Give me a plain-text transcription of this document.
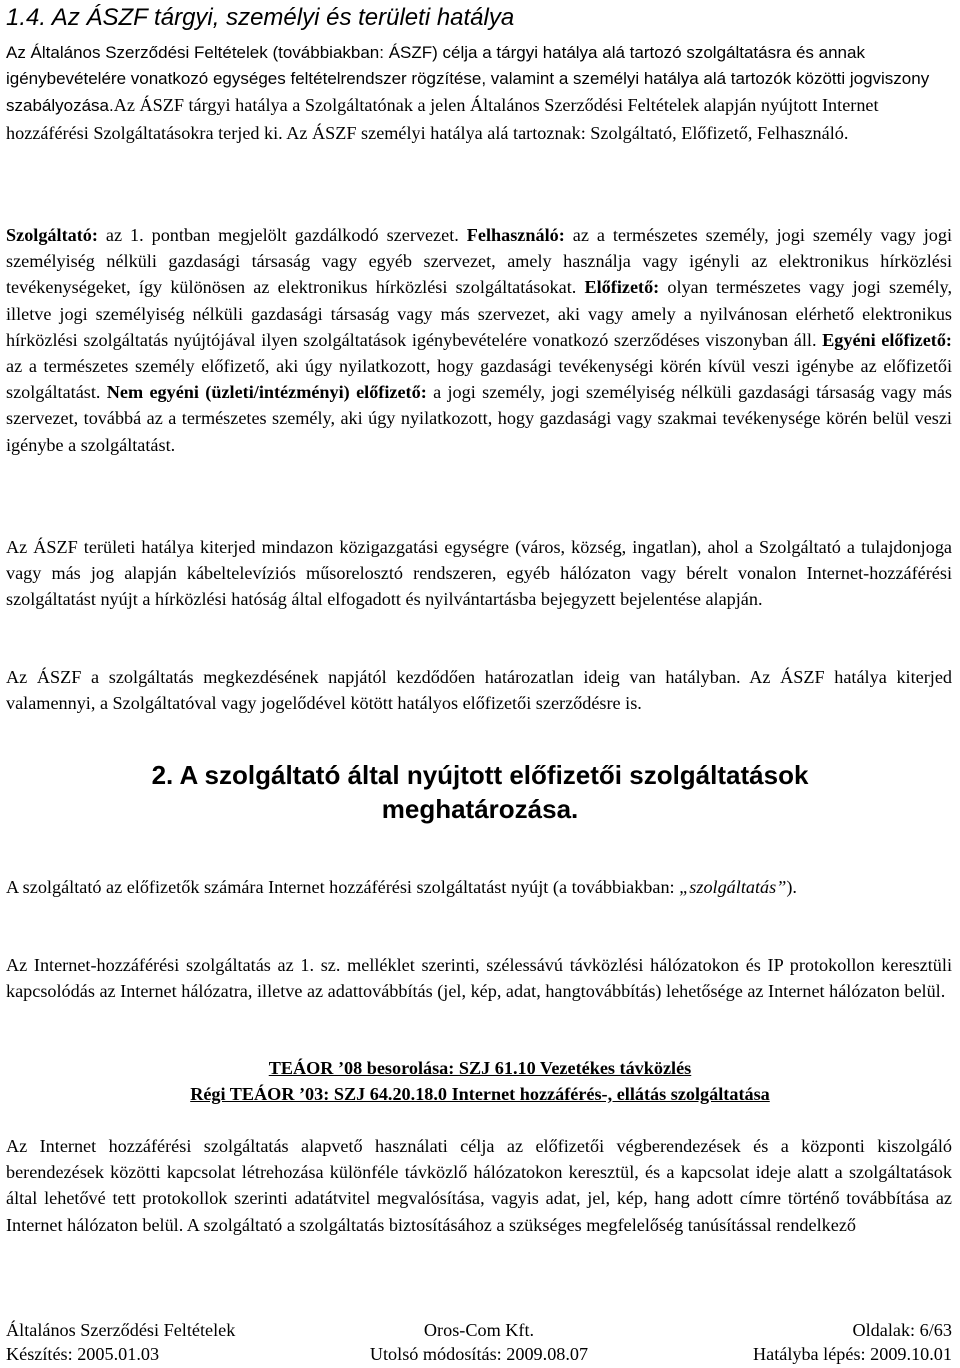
1.4. Az ÁSZF tárgyi, személyi és területi hatálya

Az Általános Szerződési Feltételek (továbbiakban: ÁSZF) célja a tárgyi hatálya alá tartozó szolgáltatásra és annak igénybevételére vonatkozó egységes feltételrendszer rögzítése, valamint a személyi hatálya alá tartozók közötti jogviszony szabályozása.Az ÁSZF tárgyi hatálya a Szolgáltatónak a jelen Általános Szerződési Feltételek alapján nyújtott Internet hozzáférési Szolgáltatásokra terjed ki. Az ÁSZF személyi hatálya alá tartoznak: Szolgáltató, Előfizető, Felhasználó.

Szolgáltató: az 1. pontban megjelölt gazdálkodó szervezet. Felhasználó: az a természetes személy, jogi személy vagy jogi személyiség nélküli gazdasági társaság vagy egyéb szervezet, amely használja vagy igényli az elektronikus hírközlési tevékenységeket, így különösen az elektronikus hírközlési szolgáltatásokat. Előfizető: olyan természetes vagy jogi személy, illetve jogi személyiség nélküli gazdasági társaság vagy más szervezet, aki vagy amely a nyilvánosan elérhető elektronikus hírközlési szolgáltatás nyújtójával ilyen szolgáltatások igénybevételére vonatkozó szerződéses viszonyban áll. Egyéni előfizető: az a természetes személy előfizető, aki úgy nyilatkozott, hogy gazdasági tevékenységi körén kívül veszi igénybe az előfizetői szolgáltatást. Nem egyéni (üzleti/intézményi) előfizető: a jogi személy, jogi személyiség nélküli gazdasági társaság vagy más szervezet, továbbá az a természetes személy, aki úgy nyilatkozott, hogy gazdasági vagy szakmai tevékenysége körén belül veszi igénybe a szolgáltatást.

Az ÁSZF területi hatálya kiterjed mindazon közigazgatási egységre (város, község, ingatlan), ahol a Szolgáltató a tulajdonjoga vagy más jog alapján kábeltelevíziós műsorelosztó rendszeren, egyéb hálózaton vagy bérelt vonalon Internet-hozzáférési szolgáltatást nyújt a hírközlési hatóság által elfogadott és nyilvántartásba bejegyzett bejelentése alapján.

Az ÁSZF a szolgáltatás megkezdésének napjától kezdődően határozatlan ideig van hatályban. Az ÁSZF hatálya kiterjed valamennyi, a Szolgáltatóval vagy jogelődével kötött hatályos előfizetői szerződésre is.

2. A szolgáltató által nyújtott előfizetői szolgáltatások
meghatározása.

A szolgáltató az előfizetők számára Internet hozzáférési szolgáltatást nyújt (a továbbiakban: „szolgáltatás”).

Az Internet-hozzáférési szolgáltatás az 1. sz. melléklet szerinti, szélessávú távközlési hálózatokon és IP protokollon keresztüli kapcsolódás az Internet hálózatra, illetve az adattovábbítás (jel, kép, adat, hangtovábbítás) lehetősége az Internet hálózaton belül.

TEÁOR ’08 besorolása: SZJ 61.10 Vezetékes távközlés

Régi TEÁOR ’03: SZJ 64.20.18.0 Internet hozzáférés-, ellátás szolgáltatása

Az Internet hozzáférési szolgáltatás alapvető használati célja az előfizetői végberendezések és a központi kiszolgáló berendezések közötti kapcsolat létrehozása különféle távközlő hálózatokon keresztül, és a kapcsolat ideje alatt a szolgáltatások által lehetővé tett protokollok szerinti adatátvitel megvalósítása, vagyis adat, jel, kép, hang adott címre történő továbbítása az Internet hálózaton belül. A szolgáltató a szolgáltatás biztosításához a szükséges megfelelőség tanúsítással rendelkező

Általános Szerződési Feltételek	Oros-Com Kft.	Oldalak: 6/63
Készítés: 2005.01.03	Utolsó módosítás: 2009.08.07	Hatályba lépés: 2009.10.01
